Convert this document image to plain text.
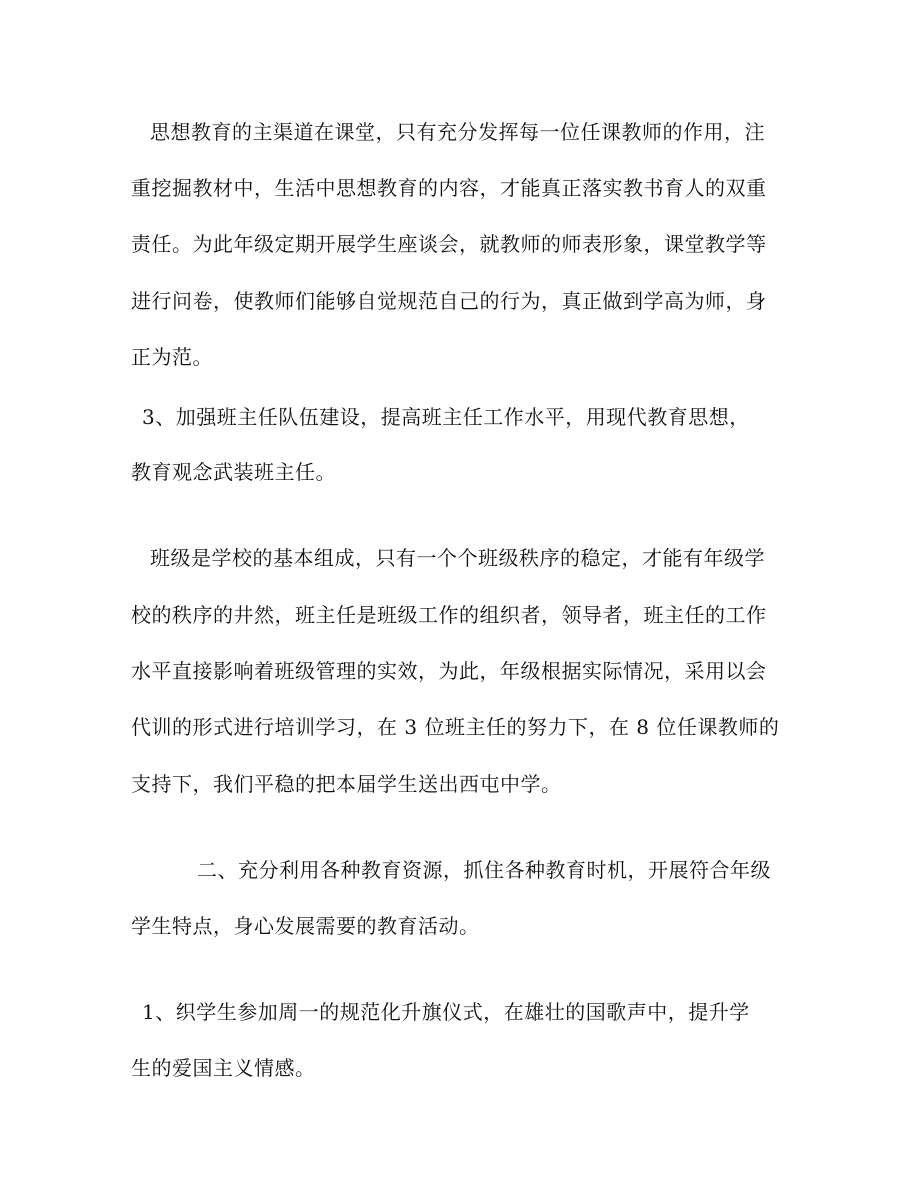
思想教育的主渠道在课堂，只有充分发挥每一位任课教师的作用，注

重挖掘教材中，生活中思想教育的内容，才能真正落实教书育人的双重

责任。为此年级定期开展学生座谈会，就教师的师表形象，课堂教学等

进行问卷，使教师们能够自觉规范自己的行为，真正做到学高为师，身

正为范。

3、加强班主任队伍建设，提高班主任工作水平，用现代教育思想，

教育观念武装班主任。

班级是学校的基本组成，只有一个个班级秩序的稳定，才能有年级学

校的秩序的井然，班主任是班级工作的组织者，领导者，班主任的工作

水平直接影响着班级管理的实效，为此，年级根据实际情况，采用以会

代训的形式进行培训学习，在 3 位班主任的努力下，在 8 位任课教师的

支持下，我们平稳的把本届学生送出西屯中学。

二、充分利用各种教育资源，抓住各种教育时机，开展符合年级

学生特点，身心发展需要的教育活动。

1、织学生参加周一的规范化升旗仪式，在雄壮的国歌声中，提升学

生的爱国主义情感。
